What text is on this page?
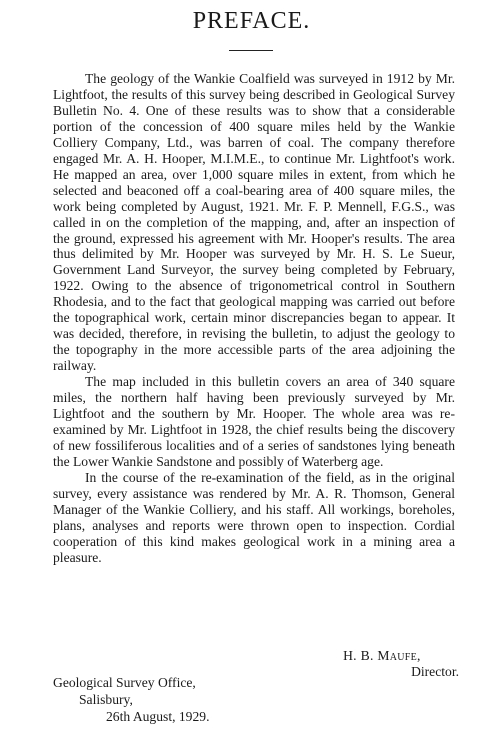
PREFACE.

The geology of the Wankie Coalfield was surveyed in 1912 by Mr. Lightfoot, the results of this survey being described in Geological Survey Bulletin No. 4. One of these results was to show that a considerable portion of the concession of 400 square miles held by the Wankie Colliery Company, Ltd., was barren of coal. The company therefore engaged Mr. A. H. Hooper, M.I.M.E., to continue Mr. Lightfoot's work. He mapped an area, over 1,000 square miles in extent, from which he selected and beaconed off a coal-bearing area of 400 square miles, the work being completed by August, 1921. Mr. F. P. Mennell, F.G.S., was called in on the completion of the mapping, and, after an inspection of the ground, expressed his agreement with Mr. Hooper's results. The area thus delimited by Mr. Hooper was surveyed by Mr. H. S. Le Sueur, Government Land Surveyor, the survey being completed by February, 1922. Owing to the absence of trigonometrical control in Southern Rhodesia, and to the fact that geological mapping was carried out before the topographical work, certain minor discrepancies began to appear. It was decided, therefore, in revising the bulletin, to adjust the geology to the topography in the more accessible parts of the area adjoining the railway.

The map included in this bulletin covers an area of 340 square miles, the northern half having been previously surveyed by Mr. Lightfoot and the southern by Mr. Hooper. The whole area was re-examined by Mr. Lightfoot in 1928, the chief results being the discovery of new fossiliferous localities and of a series of sandstones lying beneath the Lower Wankie Sandstone and possibly of Waterberg age.

In the course of the re-examination of the field, as in the original survey, every assistance was rendered by Mr. A. R. Thomson, General Manager of the Wankie Colliery, and his staff. All workings, boreholes, plans, analyses and reports were thrown open to inspection. Cordial cooperation of this kind makes geological work in a mining area a pleasure.

H. B. Maufe,
Director.
Geological Survey Office,
Salisbury,
26th August, 1929.
